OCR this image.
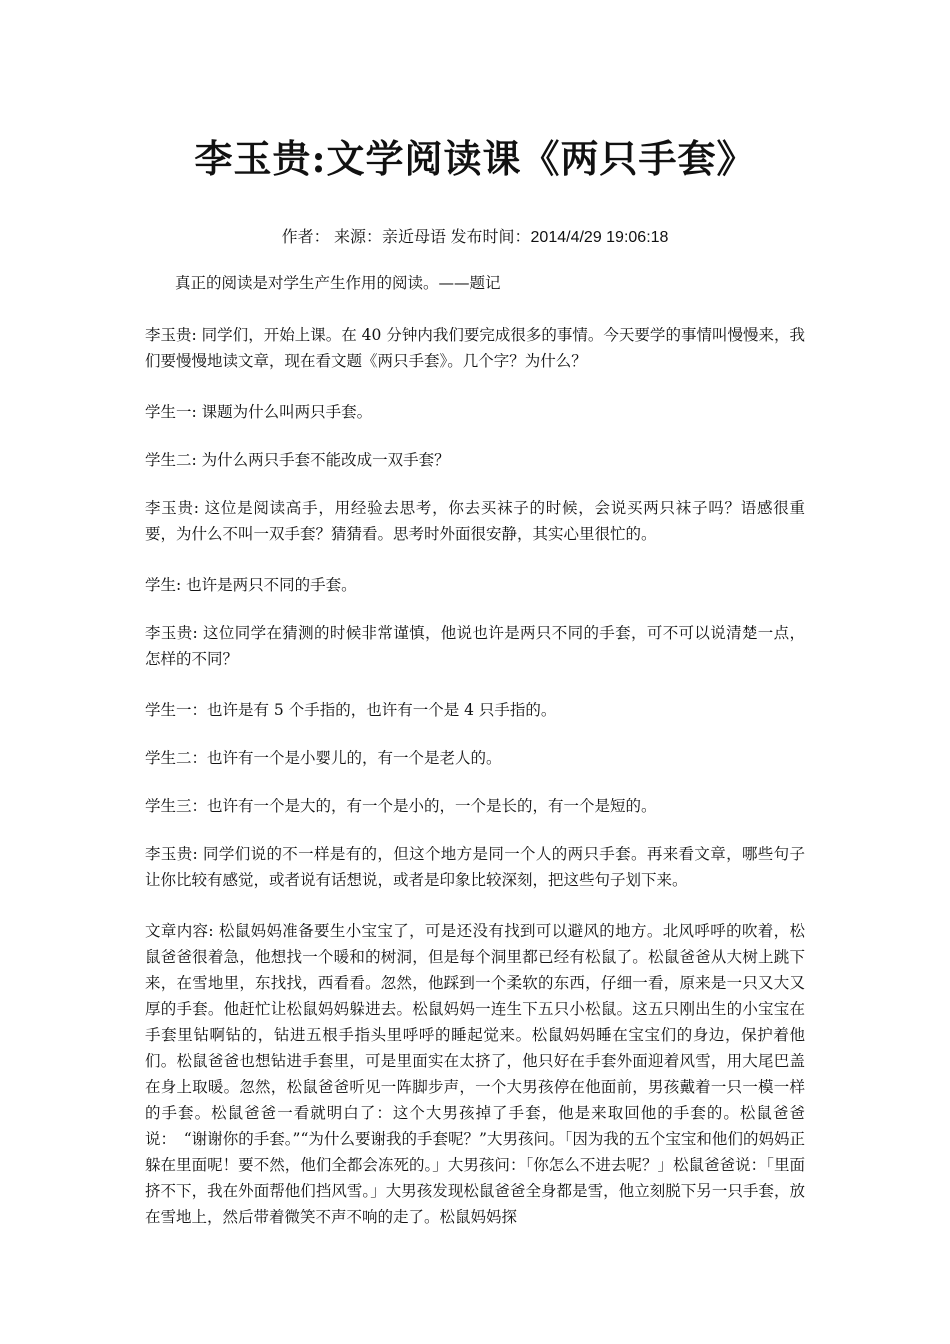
李玉贵:文学阅读课《两只手套》
作者： 来源：亲近母语 发布时间：2014/4/29 19:06:18

真正的阅读是对学生产生作用的阅读。——题记

李玉贵: 同学们，开始上课。在 40 分钟内我们要完成很多的事情。今天要学的事情叫慢慢来，我们要慢慢地读文章，现在看文题《两只手套》。几个字？为什么？

学生一: 课题为什么叫两只手套。

学生二: 为什么两只手套不能改成一双手套？

李玉贵: 这位是阅读高手，用经验去思考，你去买袜子的时候，会说买两只袜子吗？语感很重要，为什么不叫一双手套？猜猜看。思考时外面很安静，其实心里很忙的。

学生: 也许是两只不同的手套。

李玉贵: 这位同学在猜测的时候非常谨慎，他说也许是两只不同的手套，可不可以说清楚一点，怎样的不同？

学生一：也许是有 5 个手指的，也许有一个是 4 只手指的。

学生二：也许有一个是小婴儿的，有一个是老人的。

学生三：也许有一个是大的，有一个是小的，一个是长的，有一个是短的。

李玉贵: 同学们说的不一样是有的，但这个地方是同一个人的两只手套。再来看文章，哪些句子让你比较有感觉，或者说有话想说，或者是印象比较深刻，把这些句子划下来。

文章内容: 松鼠妈妈准备要生小宝宝了，可是还没有找到可以避风的地方。北风呼呼的吹着，松鼠爸爸很着急，他想找一个暖和的树洞，但是每个洞里都已经有松鼠了。松鼠爸爸从大树上跳下来，在雪地里，东找找，西看看。忽然，他踩到一个柔软的东西，仔细一看，原来是一只又大又厚的手套。他赶忙让松鼠妈妈躲进去。松鼠妈妈一连生下五只小松鼠。这五只刚出生的小宝宝在手套里钻啊钻的，钻进五根手指头里呼呼的睡起觉来。松鼠妈妈睡在宝宝们的身边，保护着他们。松鼠爸爸也想钻进手套里，可是里面实在太挤了，他只好在手套外面迎着风雪，用大尾巴盖在身上取暖。忽然，松鼠爸爸听见一阵脚步声，一个大男孩停在他面前，男孩戴着一只一模一样的手套。松鼠爸爸一看就明白了：这个大男孩掉了手套，他是来取回他的手套的。松鼠爸爸说：　“谢谢你的手套。”“为什么要谢我的手套呢？”大男孩问。「因为我的五个宝宝和他们的妈妈正躲在里面呢！要不然，他们全都会冻死的。」大男孩问：「你怎么不进去呢？」松鼠爸爸说：「里面挤不下，我在外面帮他们挡风雪。」大男孩发现松鼠爸爸全身都是雪，他立刻脱下另一只手套，放在雪地上，然后带着微笑不声不响的走了。松鼠妈妈探
